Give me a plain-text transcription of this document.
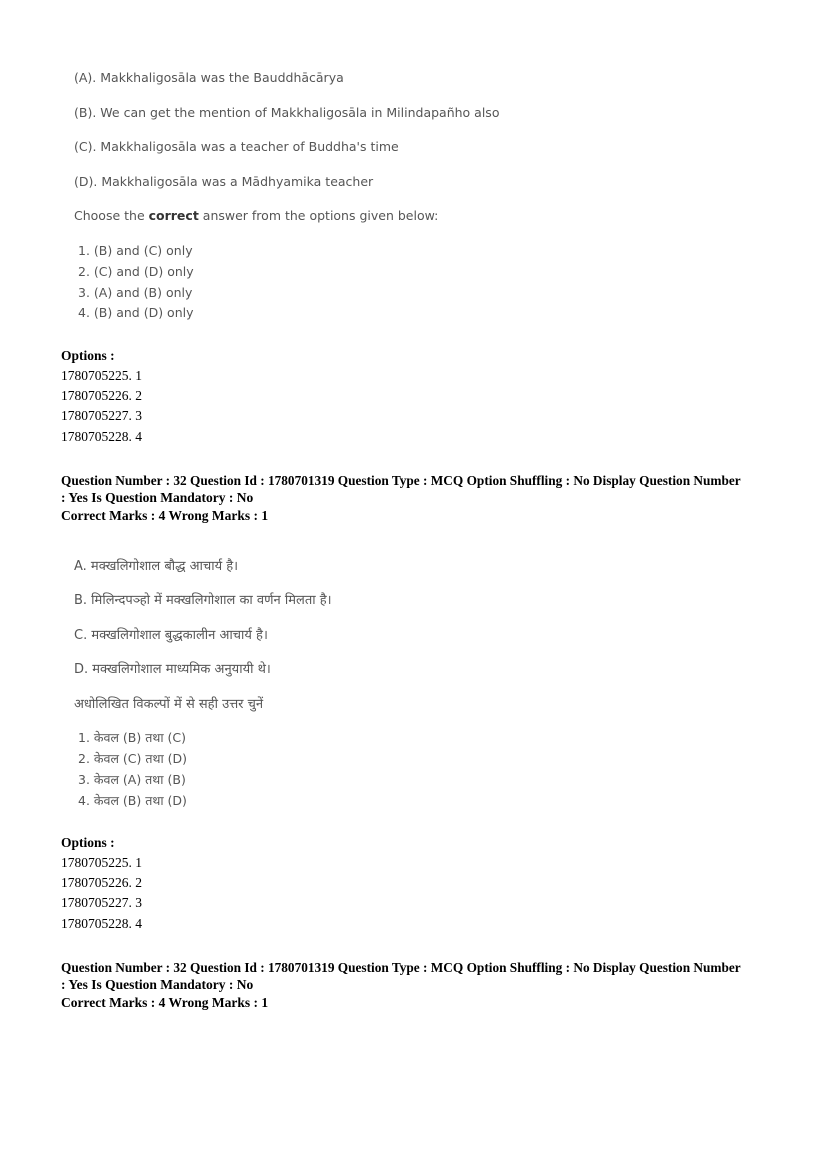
(A). Makkhaligosāla was the Bauddhācārya
(B). We can get the mention of Makkhaligosāla in Milindapañho also
(C). Makkhaligosāla was a teacher of Buddha's time
(D). Makkhaligosāla was a Mādhyamika teacher
Choose the correct answer from the options given below:
1. (B) and (C) only
2. (C) and (D) only
3. (A) and (B) only
4. (B) and (D) only
Options :
1780705225. 1
1780705226. 2
1780705227. 3
1780705228. 4
Question Number : 32 Question Id : 1780701319 Question Type : MCQ Option Shuffling : No Display Question Number
: Yes Is Question Mandatory : No
Correct Marks : 4 Wrong Marks : 1
A. मक्खलिगोशाल बौद्ध आचार्य है।
B. मिलिन्दपञ्हो में मक्खलिगोशाल का वर्णन मिलता है।
C. मक्खलिगोशाल बुद्धकालीन आचार्य है।
D. मक्खलिगोशाल माध्यमिक अनुयायी थे।
अधोलिखित विकल्पों में से सही उत्तर चुनें
1. केवल (B) तथा (C)
2. केवल (C) तथा (D)
3. केवल (A) तथा (B)
4. केवल (B) तथा (D)
Options :
1780705225. 1
1780705226. 2
1780705227. 3
1780705228. 4
Question Number : 32 Question Id : 1780701319 Question Type : MCQ Option Shuffling : No Display Question Number
: Yes Is Question Mandatory : No
Correct Marks : 4 Wrong Marks : 1
